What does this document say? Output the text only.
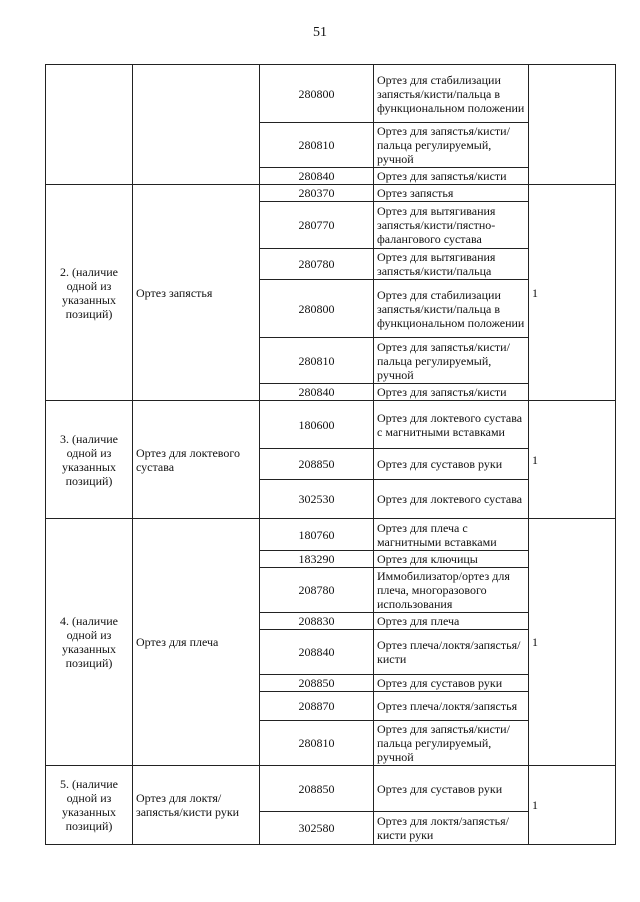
51
		280800	Ортез для стабилизации запястья/кисти/пальца в функциональном положении	
		280810	Ортез для запястья/кисти/пальца регулируемый, ручной	
		280840	Ортез для запястья/кисти	
2. (наличие одной из указанных позиций)	Ортез запястья	280370	Ортез запястья	1
		280770	Ортез для вытягивания запястья/кисти/пястно-фалангового сустава	
		280780	Ортез для вытягивания запястья/кисти/пальца	
		280800	Ортез для стабилизации запястья/кисти/пальца в функциональном положении	
		280810	Ортез для запястья/кисти/пальца регулируемый, ручной	
		280840	Ортез для запястья/кисти	
3. (наличие одной из указанных позиций)	Ортез для локтевого сустава	180600	Ортез для локтевого сустава с магнитными вставками	1
		208850	Ортез для суставов руки	
		302530	Ортез для локтевого сустава	
4. (наличие одной из указанных позиций)	Ортез для плеча	180760	Ортез для плеча с магнитными вставками	1
		183290	Ортез для ключицы	
		208780	Иммобилизатор/ортез для плеча, многоразового использования	
		208830	Ортез для плеча	
		208840	Ортез плеча/локтя/запястья/кисти	
		208850	Ортез для суставов руки	
		208870	Ортез плеча/локтя/запястья	
		280810	Ортез для запястья/кисти/пальца регулируемый, ручной	
5. (наличие одной из указанных позиций)	Ортез для локтя/запястья/кисти руки	208850	Ортез для суставов руки	1
		302580	Ортез для локтя/запястья/кисти руки	
